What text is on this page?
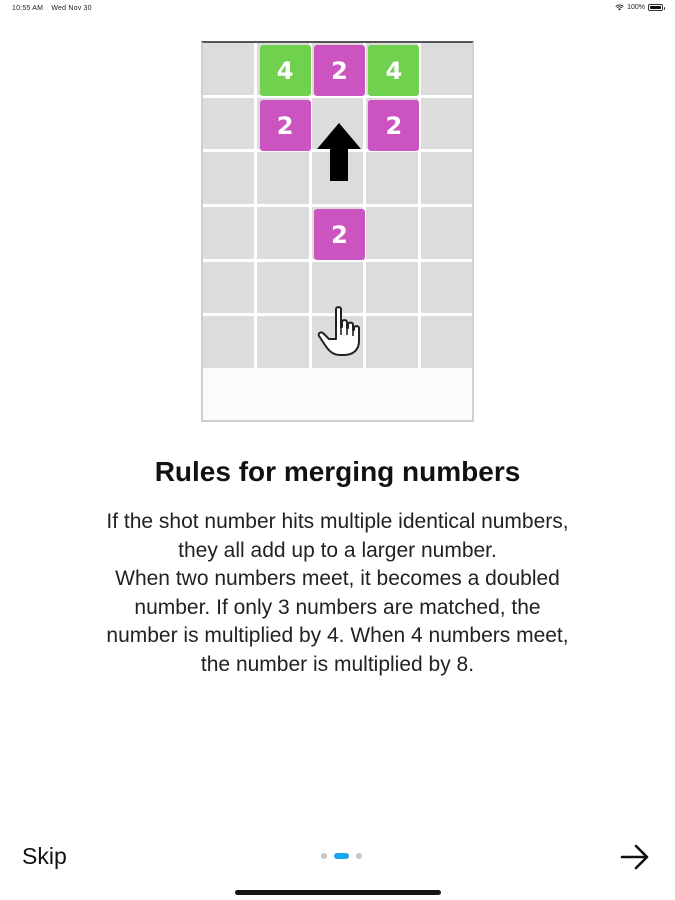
10:55 AM Wed Nov 30	100%
4	2	4
2	2
2
Rules for merging numbers
If the shot number hits multiple identical numbers,
they all add up to a larger number.
When two numbers meet, it becomes a doubled
number. If only 3 numbers are matched, the
number is multiplied by 4. When 4 numbers meet,
the number is multiplied by 8.
Skip
